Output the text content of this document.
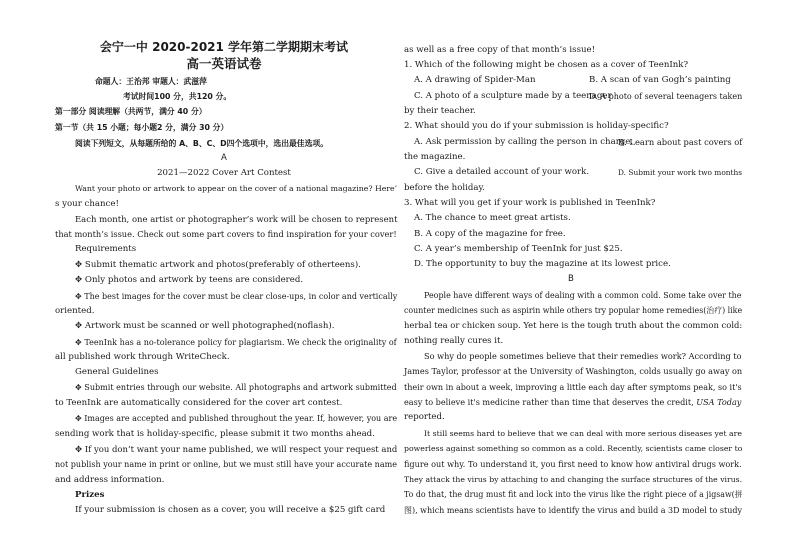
会宁一中 2020-2021 学年第二学期期末考试
高一英语试卷
命题人：王治邦 审题人：武滋萍
考试时间100 分，共120 分。
第一部分 阅读理解（共两节，满分 40 分）
第一节（共 15 小题；每小题2 分，满分 30 分）
阅读下列短文，从每题所给的 A、B、C、D四个选项中，选出最佳选项。
A
2021—2022 Cover Art Contest
Want your photo or artwork to appear on the cover of a national magazine? Here’
s your chance!
Each month, one artist or photographer’s work will be chosen to represent
that month’s issue. Check out some part covers to find inspiration for your cover!
Requirements
✥ Submit thematic artwork and photos(preferably of otherteens).
✥ Only photos and artwork by teens are considered.
✥ The best images for the cover must be clear close-ups, in color and vertically
oriented.
✥ Artwork must be scanned or well photographed(noflash).
✥ TeenInk has a no-tolerance policy for plagiarism. We check the originality of
all published work through WriteCheck.
General Guidelines
✥ Submit entries through our website. All photographs and artwork submitted
to TeenInk are automatically considered for the cover art contest.
✥ Images are accepted and published throughout the year. If, however, you are
sending work that is holiday-specific, please submit it two months ahead.
✥ If you don’t want your name published, we will respect your request and
not publish your name in print or online, but we must still have your accurate name
and address information.
Prizes
If your submission is chosen as a cover, you will receive a $25 gift card
as well as a free copy of that month’s issue!
1. Which of the following might be chosen as a cover of TeenInk?
A. A drawing of Spider-Man	B. A scan of van Gogh’s painting
C. A photo of a sculpture made by a teenager
D. A photo of several teenagers taken
by their teacher.
2. What should you do if your submission is holiday-specific?
A. Ask permission by calling the person in charge.
B. Learn about past covers of
the magazine.
C. Give a detailed account of your work.	D. Submit your work two months
before the holiday.
3. What will you get if your work is published in TeenInk?
A. The chance to meet great artists.
B. A copy of the magazine for free.
C. A year’s membership of TeenInk for just $25.
D. The opportunity to buy the magazine at its lowest price.
B
People have different ways of dealing with a common cold. Some take over the
counter medicines such as aspirin while others try popular home remedies(治疗) like
herbal tea or chicken soup. Yet here is the tough truth about the common cold:
nothing really cures it.
So why do people sometimes believe that their remedies work? According to
James Taylor, professor at the University of Washington, colds usually go away on
their own in about a week, improving a little each day after symptoms peak, so it's
easy to believe it's medicine rather than time that deserves the credit, USA Today
reported.
It still seems hard to believe that we can deal with more serious diseases yet are
powerless against something so common as a cold. Recently, scientists came closer to
figure out why. To understand it, you first need to know how antiviral drugs work.
They attack the virus by attaching to and changing the surface structures of the virus.
To do that, the drug must fit and lock into the virus like the right piece of a jigsaw(拼
图), which means scientists have to identify the virus and build a 3D model to study
